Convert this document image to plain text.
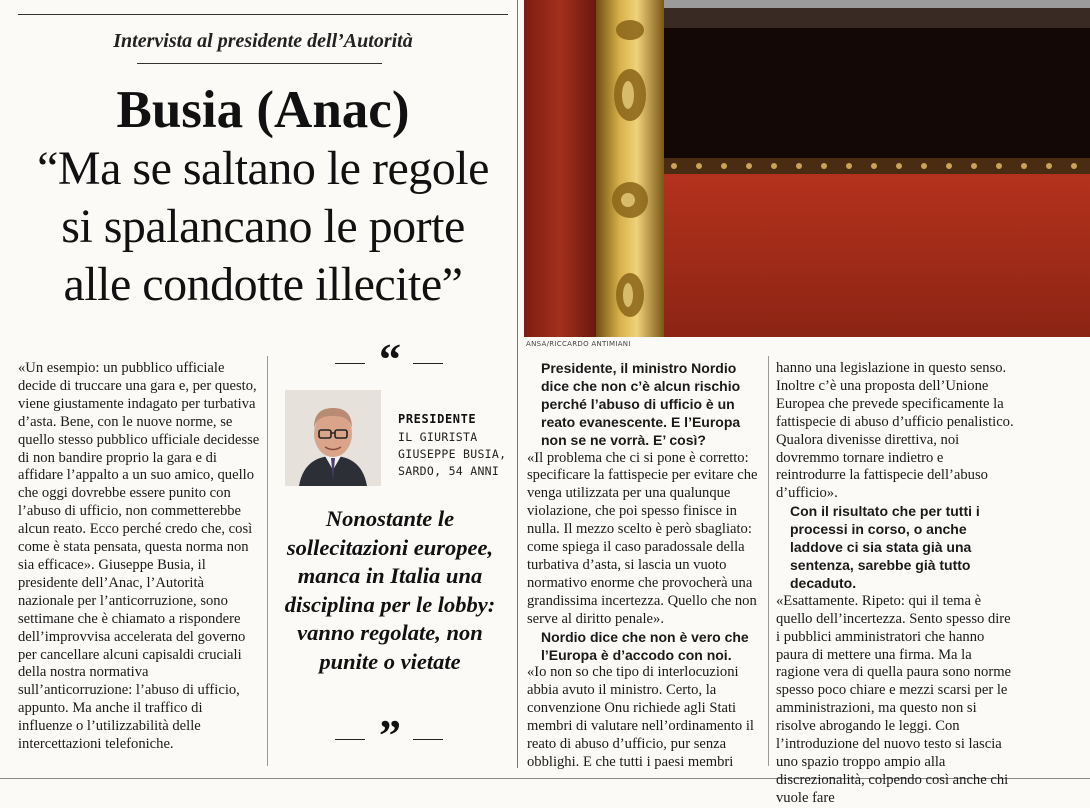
Intervista al presidente dell’Autorità
Busia (Anac)
“Ma se saltano le regole
si spalancano le porte
alle condotte illecite”
ANSA/RICCARDO ANTIMIANI

«Un esempio: un pubblico ufficiale decide di truccare una gara e, per questo, viene giustamente indagato per turbativa d’asta. Bene, con le nuove norme, se quello stesso pubblico ufficiale decidesse di non bandire proprio la gara e di affidare l’appalto a un suo amico, quello che oggi dovrebbe essere punito con l’abuso di ufficio, non commetterebbe alcun reato. Ecco perché credo che, così come è stata pensata, questa norma non sia efficace». Giuseppe Busia, il presidente dell’Anac, l’Autorità nazionale per l’anticorruzione, sono settimane che è chiamato a rispondere dell’improvvisa accelerata del governo per cancellare alcuni capisaldi cruciali della nostra normativa sull’anticorruzione: l’abuso di ufficio, appunto. Ma anche il traffico di influenze o l’utilizzabilità delle intercettazioni telefoniche.

“
PRESIDENTE
IL GIURISTA
GIUSEPPE BUSIA,
SARDO, 54 ANNI
Nonostante le sollecitazioni europee, manca in Italia una disciplina per le lobby: vanno regolate, non punite o vietate
”

Presidente, il ministro Nordio dice che non c’è alcun rischio perché l’abuso di ufficio è un reato evanescente. E l’Europa non se ne vorrà. E’ così?

«Il problema che ci si pone è corretto: specificare la fattispecie per evitare che venga utilizzata per una qualunque violazione, che poi spesso finisce in nulla. Il mezzo scelto è però sbagliato: come spiega il caso paradossale della turbativa d’asta, si lascia un vuoto normativo enorme che provocherà una grandissima incertezza. Quello che non serve al diritto penale».

Nordio dice che non è vero che l’Europa è d’accodo con noi.

«Io non so che tipo di interlocuzioni abbia avuto il ministro. Certo, la convenzione Onu richiede agli Stati membri di valutare nell’ordinamento il reato di abuso d’ufficio, pur senza obblighi. E che tutti i paesi membri

hanno una legislazione in questo senso. Inoltre c’è una proposta dell’Unione Europea che prevede specificamente la fattispecie di abuso d’ufficio penalistico. Qualora divenisse direttiva, noi dovremmo tornare indietro e reintrodurre la fattispecie dell’abuso d’ufficio».

Con il risultato che per tutti i processi in corso, o anche laddove ci sia stata già una sentenza, sarebbe già tutto decaduto.

«Esattamente. Ripeto: qui il tema è quello dell’incertezza. Sento spesso dire i pubblici amministratori che hanno paura di mettere una firma. Ma la ragione vera di quella paura sono norme spesso poco chiare e mezzi scarsi per le amministrazioni, ma questo non si risolve abrogando le leggi. Con l’introduzione del nuovo testo si lascia uno spazio troppo ampio alla discrezionalità, colpendo così anche chi vuole fare
